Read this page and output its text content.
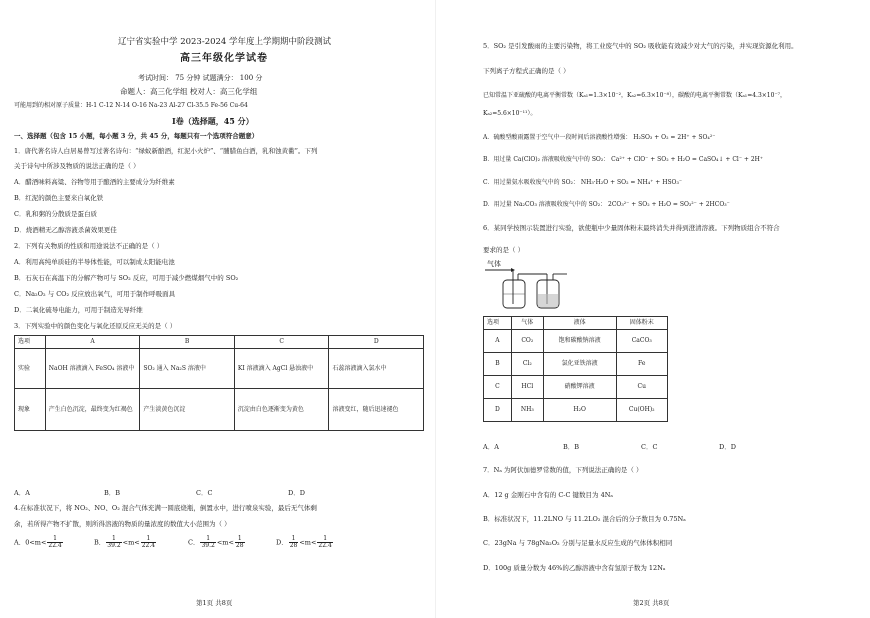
辽宁省实验中学 2023-2024 学年度上学期期中阶段测试
高三年级化学试卷
考试时间： 75 分钟 试题满分： 100 分
命题人：高三化学组 校对人：高三化学组
可能用到的相对原子质量：H-1 C-12 N-14 O-16 Na-23 Al-27 Cl-35.5 Fe-56 Cu-64
Ⅰ卷（选择题，45 分）
一、选择题（包含 15 小题，每小题 3 分，共 45 分，每题只有一个选项符合题意）
1．唐代著名诗人白居易曾写过著名诗句：“绿蚁新醅酒，红泥小火炉”、“脯腊鱼白酒，乳和蚀黄衢”。下列
关于诗句中所涉及物质的说法正确的是（ ）
A．醋酒味料高粱、谷物等用于酿酒的主要成分为纤维素
B．红泥的颜色主要来自氧化铁
C．乳和粥的分散质是蛋白质
D．烧酒精无乙醇溶液杀菌效果更佳
2．下列有关物质的性质和用途说法不正确的是（ ）
A．利用高纯单质硅的半导体性能，可以制成太阳能电池
B．石灰石在高温下的分解产物可与 SO₂ 反应，可用于减少燃煤烟气中的 SO₂
C．Na₂O₂ 与 CO₂ 反应放出氧气，可用于制作呼吸面具
D．二氧化硫导电能力，可用于制造光导纤维
3．下列实验中的颜色变化与氧化还原反应无关的是（ ）
选项	A	B	C	D
实验	NaOH 溶液滴入 FeSO₄ 溶液中	SO₂ 通入 Na₂S 溶液中	KI 溶液滴入 AgCl 悬浊液中	石蕊溶液滴入氯水中
现象	产生白色沉淀，最终变为红褐色	产生淡黄色沉淀	沉淀由白色逐渐变为黄色	溶液变红，随后迅速褪色
A．A	B．B	C．C	D．D
4.在标准状况下，将 NO₂、NO、O₂ 混合气体充满一圆底烧瓶，倒置水中，进行喷泉实验，最后无气体剩
余，若所得产物不扩散，则所得溶液的物质的量浓度的数值大小范围为（ ）
A．$0<m< \frac{1}{22.4}$	B． $\frac{1}{39.2} <m< \frac{1}{22.4}$	C． $\frac{1}{39.2} <m< \frac{1}{28}$	D． $\frac{1}{28} <m< \frac{1}{22.4}$
第1页 共8页
5．SO₂ 是引发酸雨的主要污染物，将工业废气中的 SO₂ 吸收能有效减少对大气的污染，并实现资源化利用。
下列离子方程式正确的是（ ）
已知常温下亚硫酸的电离平衡常数（Kₐ₁=1.3×10⁻²，Kₐ₂=6.3×10⁻⁸），碳酸的电离平衡常数（Kₐ₁=4.3×10⁻⁷，
Kₐ₂=5.6×10⁻¹¹）。
A．硫酸型酸雨露置于空气中一段时间后溶液酸性增强： H₂SO₃ + O₂ = 2H⁺ + SO₄²⁻
B．用过量 Ca(ClO)₂ 溶液吸收废气中的 SO₂： Ca²⁺ + ClO⁻ + SO₂ + H₂O = CaSO₄↓ + Cl⁻ + 2H⁺
C．用过量氨水吸收废气中的 SO₂： NH₃·H₂O + SO₂ = NH₄⁺ + HSO₃⁻
D．用过量 Na₂CO₃ 溶液吸收废气中的 SO₂： 2CO₃²⁻ + SO₂ + H₂O = SO₃²⁻ + 2HCO₃⁻
6．某同学按图示装置进行实验，欲使瓶中少量固体粉末最终消失并得到澄清溶液。下列物质组合不符合
要求的是（ ）
气体
选项	气体	液体	固体粉末
A	CO₂	饱和碳酸钠溶液	CaCO₃
B	Cl₂	氯化亚铁溶液	Fe
C	HCl	硝酸钾溶液	Cu
D	NH₃	H₂O	Cu(OH)₂
A．A	B．B	C．C	D．D
7．Nₐ 为阿伏加德罗常数的值，下列说法正确的是（ ）
A．12 g 金刚石中含有的 C-C 键数目为 4Nₐ
B．标准状况下，11.2LNO 与 11.2LO₂ 混合后的分子数目为 0.75Nₐ
C．23gNa 与 78gNa₂O₂ 分别与足量水反应生成的气体体积相同
D．100g 质量分数为 46%的乙醇溶液中含有氢原子数为 12Nₐ
第2页 共8页
